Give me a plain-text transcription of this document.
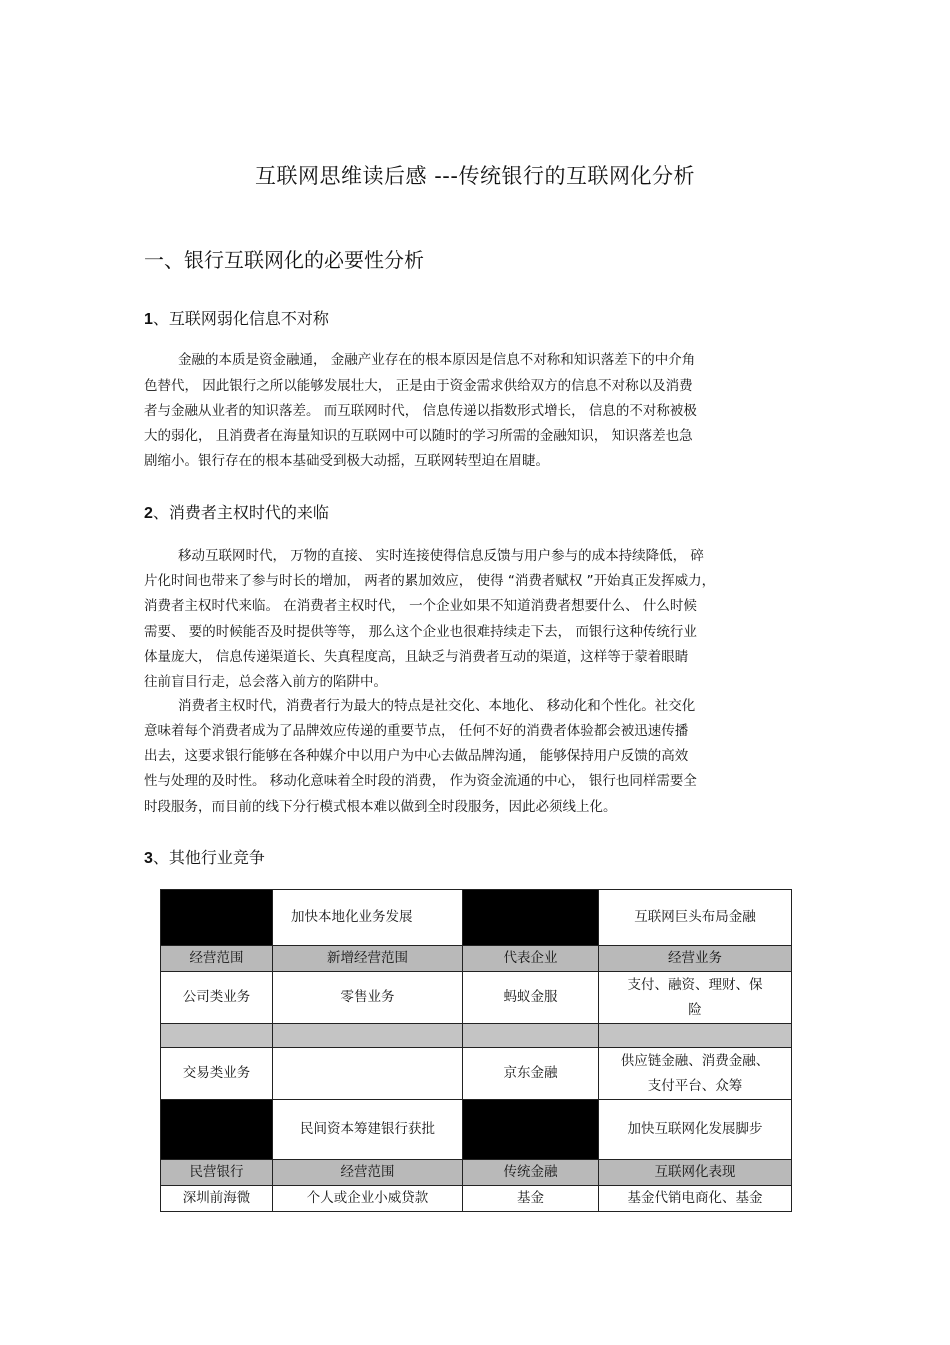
互联网思维读后感 ---传统银行的互联网化分析
一、银行互联网化的必要性分析
1、互联网弱化信息不对称
金融的本质是资金融通， 金融产业存在的根本原因是信息不对称和知识落差下的中介角
色替代， 因此银行之所以能够发展壮大， 正是由于资金需求供给双方的信息不对称以及消费
者与金融从业者的知识落差。 而互联网时代， 信息传递以指数形式增长， 信息的不对称被极
大的弱化， 且消费者在海量知识的互联网中可以随时的学习所需的金融知识， 知识落差也急
剧缩小。银行存在的根本基础受到极大动摇，互联网转型迫在眉睫。
2、消费者主权时代的来临
移动互联网时代， 万物的直接、 实时连接使得信息反馈与用户参与的成本持续降低， 碎
片化时间也带来了参与时长的增加， 两者的累加效应， 使得 “消费者赋权 ”开始真正发挥威力，
消费者主权时代来临。 在消费者主权时代， 一个企业如果不知道消费者想要什么、 什么时候
需要、 要的时候能否及时提供等等， 那么这个企业也很难持续走下去， 而银行这种传统行业
体量庞大， 信息传递渠道长、失真程度高，且缺乏与消费者互动的渠道，这样等于蒙着眼睛
往前盲目行走，总会落入前方的陷阱中。
消费者主权时代，消费者行为最大的特点是社交化、本地化、 移动化和个性化。社交化
意味着每个消费者成为了品牌效应传递的重要节点， 任何不好的消费者体验都会被迅速传播
出去，这要求银行能够在各种媒介中以用户为中心去做品牌沟通， 能够保持用户反馈的高效
性与处理的及时性。 移动化意味着全时段的消费， 作为资金流通的中心， 银行也同样需要全
时段服务，而目前的线下分行模式根本难以做到全时段服务，因此必须线上化。
3、其他行业竞争
	加快本地化业务发展		互联网巨头布局金融
经营范围	新增经营范围	代表企业	经营业务
公司类业务	零售业务	蚂蚁金服	支付、融资、理财、保
险

交易类业务		京东金融	供应链金融、消费金融、
支付平台、众筹

	民间资本筹建银行获批		加快互联网化发展脚步
民营银行	经营范围	传统金融	互联网化表现
深圳前海微	个人或企业小威贷款	基金	基金代销电商化、基金
